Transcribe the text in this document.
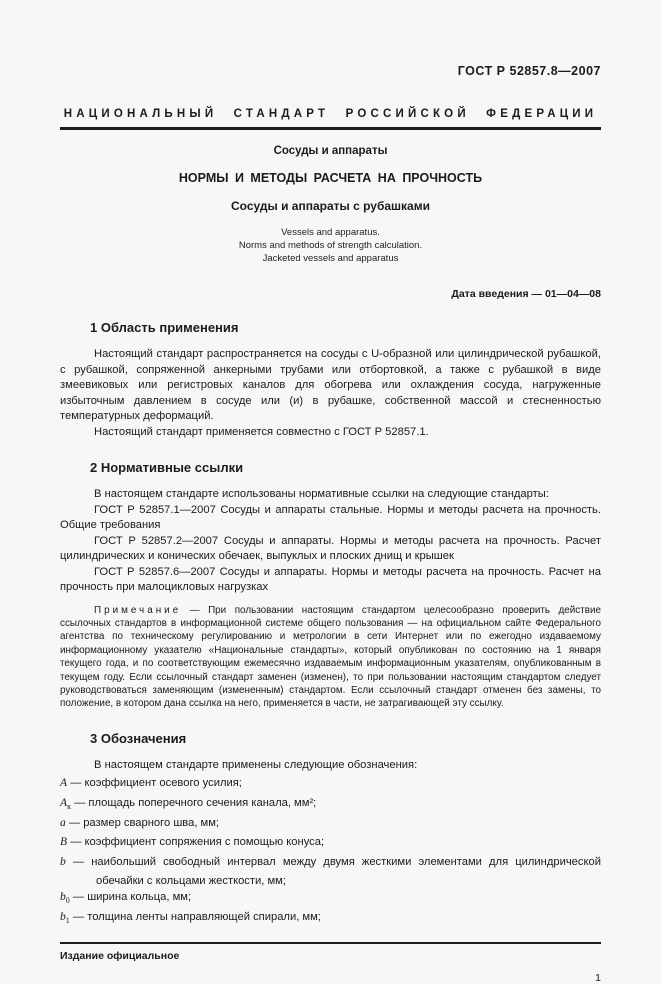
ГОСТ Р 52857.8—2007
НАЦИОНАЛЬНЫЙ СТАНДАРТ РОССИЙСКОЙ ФЕДЕРАЦИИ
Сосуды и аппараты
НОРМЫ И МЕТОДЫ РАСЧЕТА НА ПРОЧНОСТЬ
Сосуды и аппараты с рубашками
Vessels and apparatus.
Norms and methods of strength calculation.
Jacketed vessels and apparatus
Дата введения — 01—04—08
1 Область применения

Настоящий стандарт распространяется на сосуды с U-образной или цилиндрической рубашкой, с рубашкой, сопряженной анкерными трубами или отбортовкой, а также с рубашкой в виде змеевиковых или регистровых каналов для обогрева или охлаждения сосуда, нагруженные избыточным давлением в сосуде или (и) в рубашке, собственной массой и стесненностью температурных деформаций.

Настоящий стандарт применяется совместно с ГОСТ Р 52857.1.

2 Нормативные ссылки

В настоящем стандарте использованы нормативные ссылки на следующие стандарты:

ГОСТ Р 52857.1—2007 Сосуды и аппараты стальные. Нормы и методы расчета на прочность. Общие требования

ГОСТ Р 52857.2—2007 Сосуды и аппараты. Нормы и методы расчета на прочность. Расчет цилиндрических и конических обечаек, выпуклых и плоских днищ и крышек

ГОСТ Р 52857.6—2007 Сосуды и аппараты. Нормы и методы расчета на прочность. Расчет на прочность при малоцикловых нагрузках

Примечание — При пользовании настоящим стандартом целесообразно проверить действие ссылочных стандартов в информационной системе общего пользования — на официальном сайте Федерального агентства по техническому регулированию и метрологии в сети Интернет или по ежегодно издаваемому информационному указателю «Национальные стандарты», который опубликован по состоянию на 1 января текущего года, и по соответствующим ежемесячно издаваемым информационным указателям, опубликованным в текущем году. Если ссылочный стандарт заменен (изменен), то при пользовании настоящим стандартом следует руководствоваться заменяющим (измененным) стандартом. Если ссылочный стандарт отменен без замены, то положение, в котором дана ссылка на него, применяется в части, не затрагивающей эту ссылку.

3 Обозначения

В настоящем стандарте применены следующие обозначения:

A — коэффициент осевого усилия;
$A_к$ — площадь поперечного сечения канала, мм²;
a — размер сварного шва, мм;
B — коэффициент сопряжения с помощью конуса;
b — наибольший свободный интервал между двумя жесткими элементами для цилиндрической обечайки с кольцами жесткости, мм;
$b_0$ — ширина кольца, мм;
$b_1$ — толщина ленты направляющей спирали, мм;
Издание официальное
1
